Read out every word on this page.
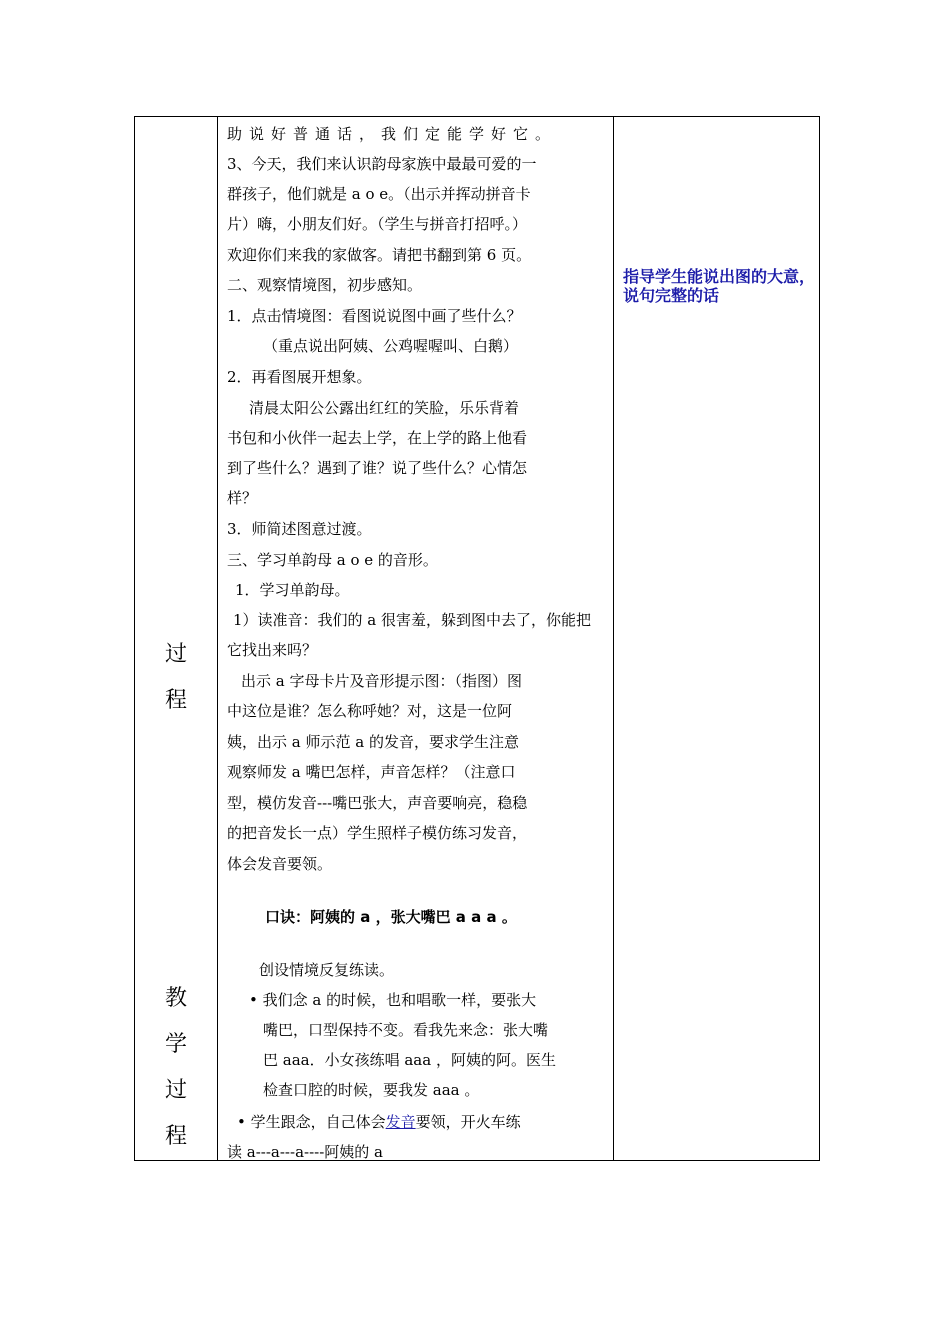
过
程
教
学
过
程
助说好普通话，我们定能学好它。
3、今天，我们来认识韵母家族中最最可爱的一
群孩子，他们就是 a o e。（出示并挥动拼音卡
片）嗨，小朋友们好。（学生与拼音打招呼。）
欢迎你们来我的家做客。请把书翻到第 6 页。
二、观察情境图，初步感知。
1．点击情境图：看图说说图中画了些什么？
（重点说出阿姨、公鸡喔喔叫、白鹅）
2．再看图展开想象。
清晨太阳公公露出红红的笑脸，乐乐背着
书包和小伙伴一起去上学，在上学的路上他看
到了些什么？遇到了谁？说了些什么？心情怎
样？
3．师简述图意过渡。
三、学习单韵母 a o e 的音形。
1．学习单韵母。
1）读准音：我们的 a 很害羞，躲到图中去了，你能把
它找出来吗？
出示 a 字母卡片及音形提示图：（指图）图
中这位是谁？怎么称呼她？对，这是一位阿
姨，出示 a 师示范 a 的发音，要求学生注意
观察师发 a 嘴巴怎样，声音怎样？（注意口
型，模仿发音---嘴巴张大，声音要响亮，稳稳
的把音发长一点）学生照样子模仿练习发音，
体会发音要领。
口诀：阿姨的 a ，张大嘴巴 a a a 。
创设情境反复练读。
• 我们念 a 的时候，也和唱歌一样，要张大
嘴巴，口型保持不变。看我先来念：张大嘴
巴 aaa．小女孩练唱 aaa ，阿姨的阿。医生
检查口腔的时候，要我发 aaa 。
• 学生跟念，自己体会发音要领，开火车练
读 a---a---a----阿姨的 a
指导学生能说出图的大意，说句完整的话
